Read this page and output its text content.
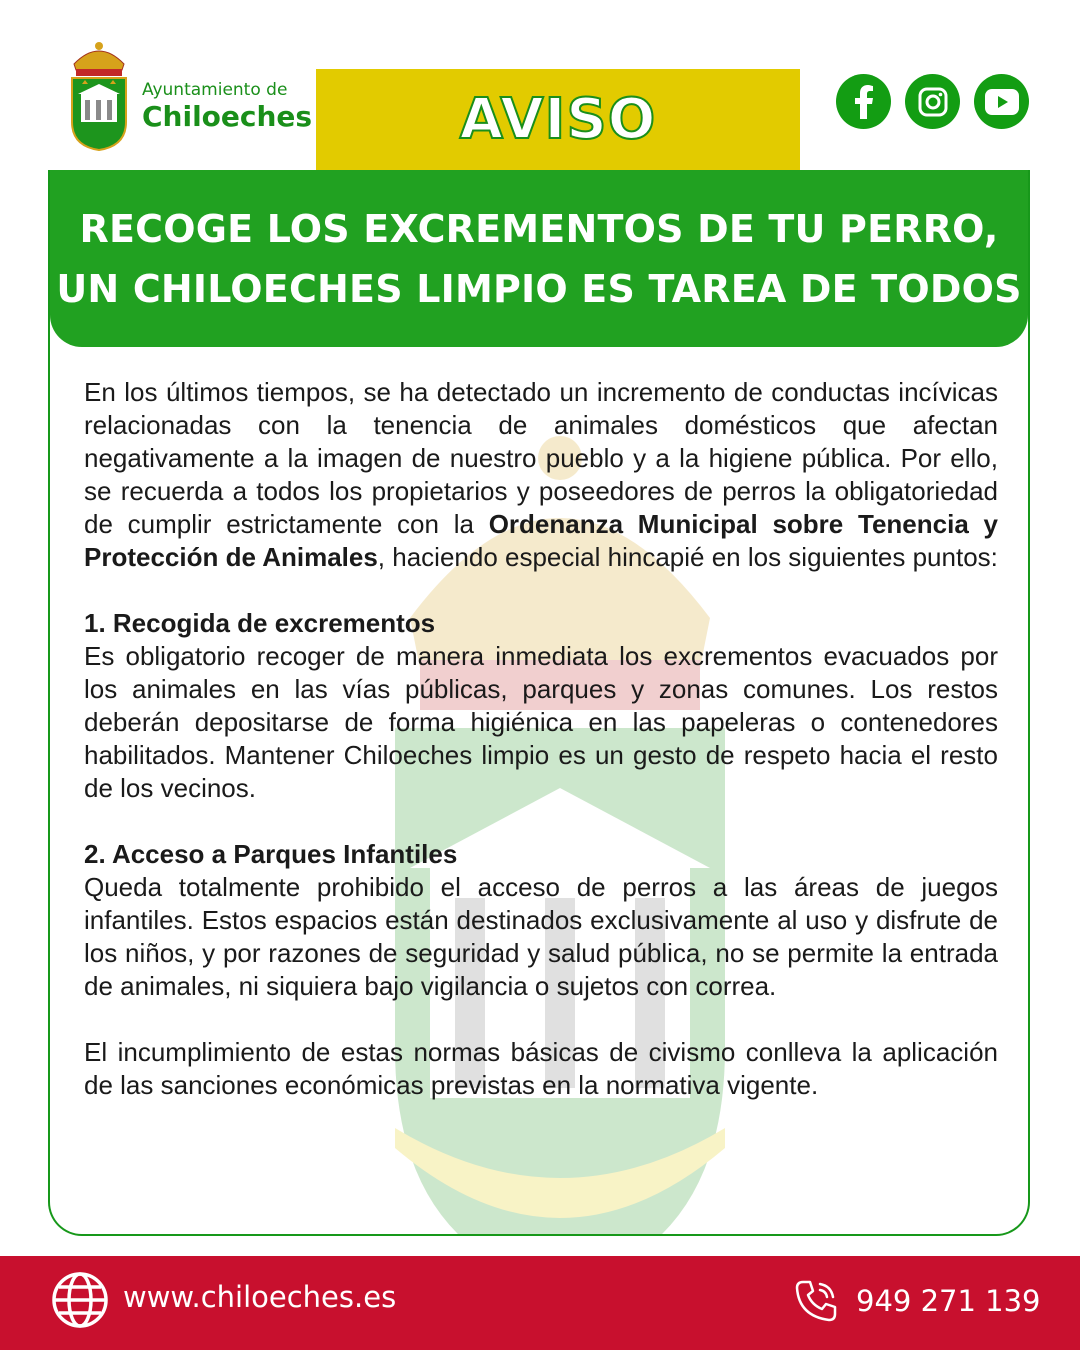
Ayuntamiento de
Chiloeches	AVISO
RECOGE LOS EXCREMENTOS DE TU PERRO,
UN CHILOECHES LIMPIO ES TAREA DE TODOS

En los últimos tiempos, se ha detectado un incremento de conductas incívicas relacionadas con la tenencia de animales domésticos que afectan negativamente a la imagen de nuestro pueblo y a la higiene pública. Por ello, se recuerda a todos los propietarios y poseedores de perros la obligatoriedad de cumplir estrictamente con la Ordenanza Municipal sobre Tenencia y Protección de Animales, haciendo especial hincapié en los siguientes puntos:

1. Recogida de excrementos
Es obligatorio recoger de manera inmediata los excrementos evacuados por los animales en las vías públicas, parques y zonas comunes. Los restos deberán depositarse de forma higiénica en las papeleras o contenedores habilitados. Mantener Chiloeches limpio es un gesto de respeto hacia el resto de los vecinos.

2. Acceso a Parques Infantiles
Queda totalmente prohibido el acceso de perros a las áreas de juegos infantiles. Estos espacios están destinados exclusivamente al uso y disfrute de los niños, y por razones de seguridad y salud pública, no se permite la entrada de animales, ni siquiera bajo vigilancia o sujetos con correa.

El incumplimiento de estas normas básicas de civismo conlleva la aplicación de las sanciones económicas previstas en la normativa vigente.

www.chiloeches.es	949 271 139
